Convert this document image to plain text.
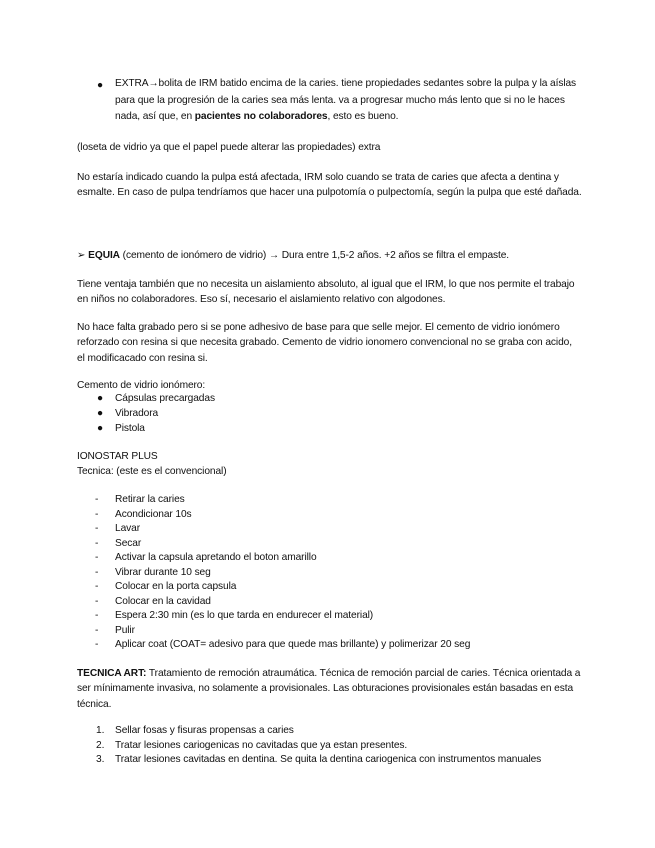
● EXTRA→bolita de IRM batido encima de la caries. tiene propiedades sedantes sobre la pulpa y la aíslas para que la progresión de la caries sea más lenta. va a progresar mucho más lento que si no le haces nada, así que, en pacientes no colaboradores, esto es bueno.
(loseta de vidrio ya que el papel puede alterar las propiedades) extra
No estaría indicado cuando la pulpa está afectada, IRM solo cuando se trata de caries que afecta a dentina y esmalte. En caso de pulpa tendríamos que hacer una pulpotomía o pulpectomía, según la pulpa que esté dañada.
➢ EQUIA (cemento de ionómero de vidrio) → Dura entre 1,5-2 años. +2 años se filtra el empaste.
Tiene ventaja también que no necesita un aislamiento absoluto, al igual que el IRM, lo que nos permite el trabajo en niños no colaboradores. Eso sí, necesario el aislamiento relativo con algodones.
No hace falta grabado pero si se pone adhesivo de base para que selle mejor. El cemento de vidrio ionómero reforzado con resina si que necesita grabado. Cemento de vidrio ionomero convencional no se graba con acido, el modificacado con resina si.
Cemento de vidrio ionómero:
● Cápsulas precargadas
● Vibradora
● Pistola
IONOSTAR PLUS
Tecnica: (este es el convencional)
-	Retirar la caries
-	Acondicionar 10s
-	Lavar
-	Secar
-	Activar la capsula apretando el boton amarillo
-	Vibrar durante 10 seg
-	Colocar en la porta capsula
-	Colocar en la cavidad
-	Espera 2:30 min (es lo que tarda en endurecer el material)
-	Pulir
-	Aplicar coat (COAT= adesivo para que quede mas brillante) y polimerizar 20 seg
TECNICA ART: Tratamiento de remoción atraumática. Técnica de remoción parcial de caries. Técnica orientada a ser mínimamente invasiva, no solamente a provisionales. Las obturaciones provisionales están basadas en esta técnica.
1.	Sellar fosas y fisuras propensas a caries
2.	Tratar lesiones cariogenicas no cavitadas que ya estan presentes.
3.	Tratar lesiones cavitadas en dentina. Se quita la dentina cariogenica con instrumentos manuales
